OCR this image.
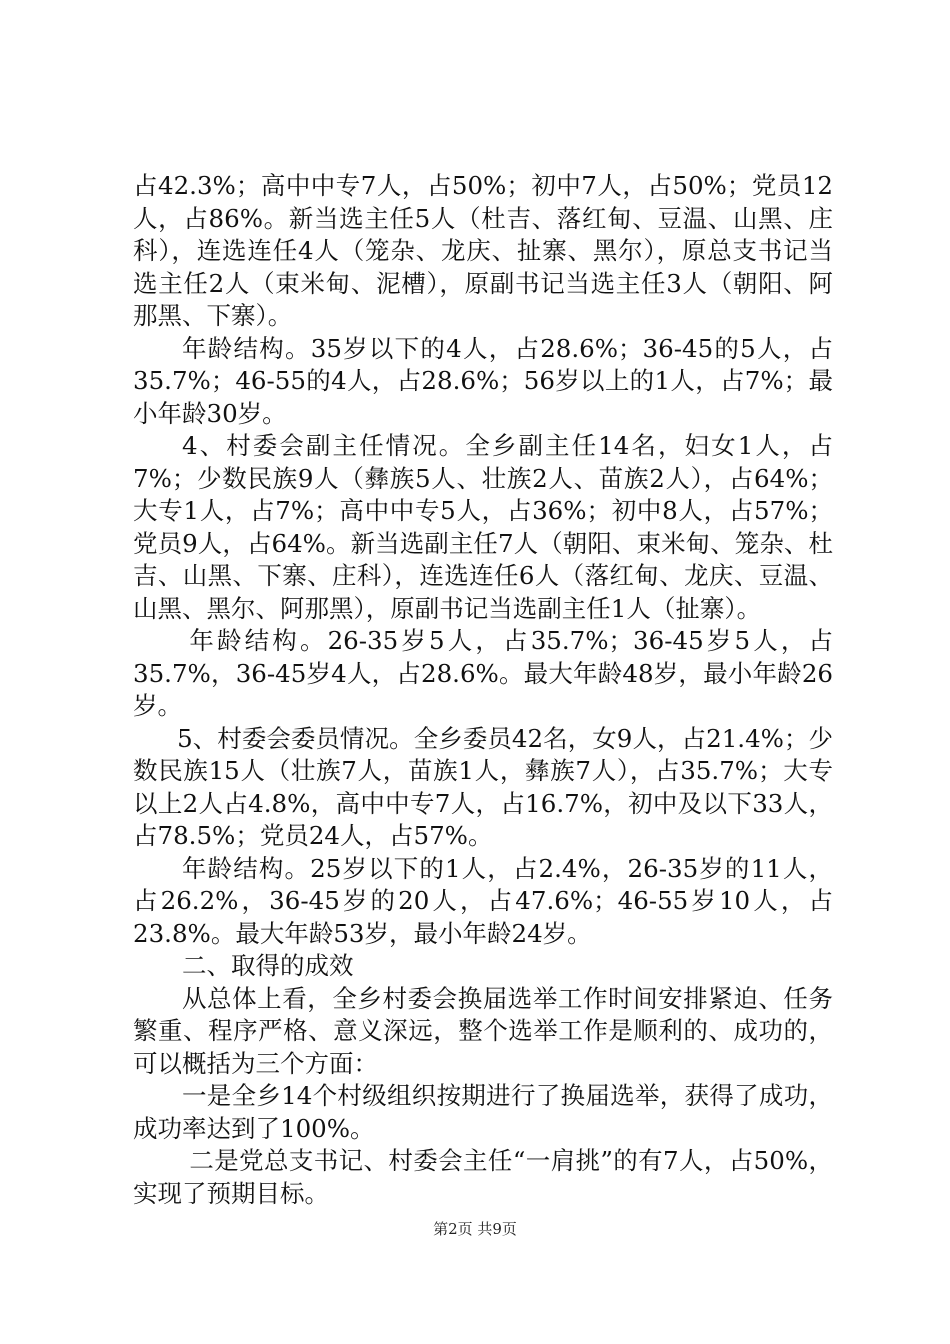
占42.3%；高中中专7人，占50%；初中7人，占50%；党员12人，占86%。新当选主任5人（杜吉、落红甸、豆温、山黑、庄科），连选连任4人（笼杂、龙庆、扯寨、黑尔），原总支书记当选主任2人（束米甸、泥槽），原副书记当选主任3人（朝阳、阿那黑、下寨）。

年龄结构。35岁以下的4人，占28.6%；36-45的5人，占35.7%；46-55的4人，占28.6%；56岁以上的1人，占7%；最小年龄30岁。

4、村委会副主任情况。全乡副主任14名，妇女1人，占7%；少数民族9人（彝族5人、壮族2人、苗族2人），占64%；大专1人，占7%；高中中专5人，占36%；初中8人，占57%；党员9人，占64%。新当选副主任7人（朝阳、束米甸、笼杂、杜吉、山黑、下寨、庄科），连选连任6人（落红甸、龙庆、豆温、山黑、黑尔、阿那黑），原副书记当选副主任1人（扯寨）。

年龄结构。26-35岁5人，占35.7%；36-45岁5人，占35.7%，36-45岁4人，占28.6%。最大年龄48岁，最小年龄26岁。

5、村委会委员情况。全乡委员42名，女9人，占21.4%；少数民族15人（壮族7人，苗族1人，彝族7人），占35.7%；大专以上2人占4.8%，高中中专7人，占16.7%，初中及以下33人，占78.5%；党员24人，占57%。

年龄结构。25岁以下的1人，占2.4%，26-35岁的11人，占26.2%，36-45岁的20人，占47.6%；46-55岁10人，占23.8%。最大年龄53岁，最小年龄24岁。

二、取得的成效

从总体上看，全乡村委会换届选举工作时间安排紧迫、任务繁重、程序严格、意义深远，整个选举工作是顺利的、成功的，可以概括为三个方面：

一是全乡14个村级组织按期进行了换届选举，获得了成功，成功率达到了100%。

二是党总支书记、村委会主任“一肩挑”的有7人，占50%，实现了预期目标。

第2页 共9页
